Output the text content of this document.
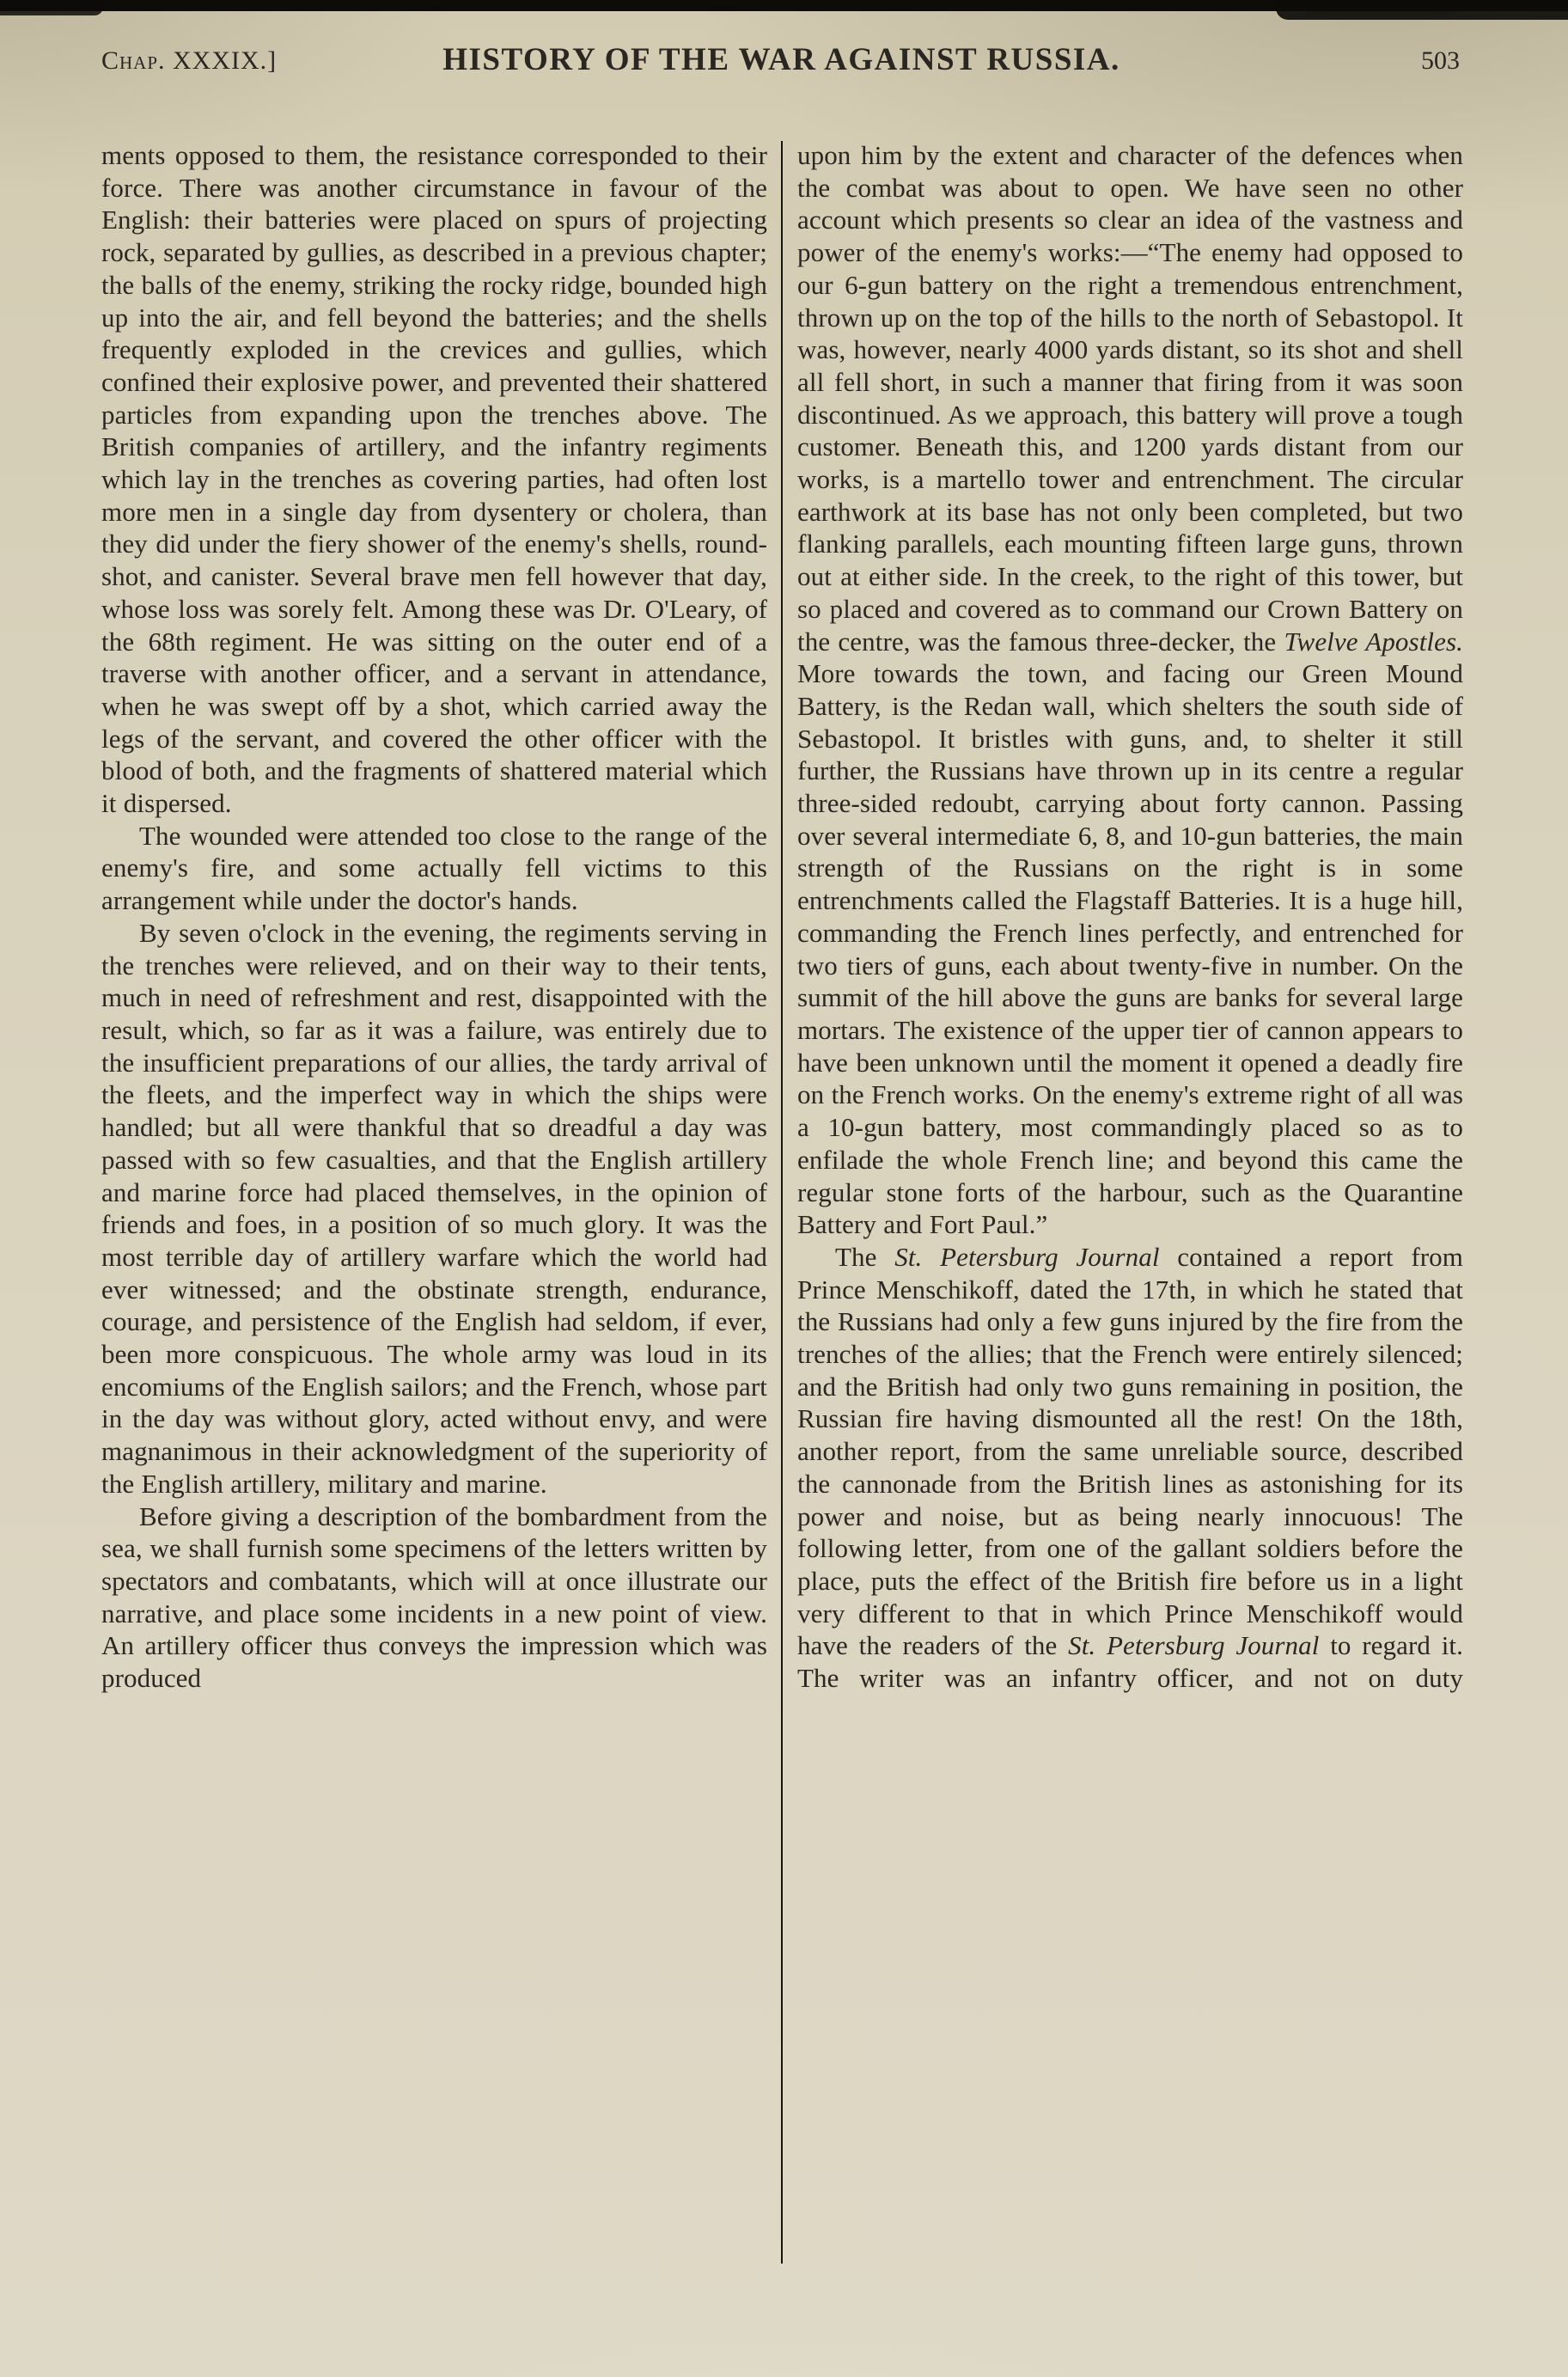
Chap. XXXIX.]	HISTORY OF THE WAR AGAINST RUSSIA.	503

ments opposed to them, the resistance corresponded to their force. There was another circumstance in favour of the English: their batteries were placed on spurs of projecting rock, separated by gullies, as described in a previous chapter; the balls of the enemy, striking the rocky ridge, bounded high up into the air, and fell beyond the batteries; and the shells frequently exploded in the crevices and gullies, which confined their explosive power, and prevented their shattered particles from expanding upon the trenches above. The British companies of artillery, and the infantry regiments which lay in the trenches as covering parties, had often lost more men in a single day from dysentery or cholera, than they did under the fiery shower of the enemy's shells, round-shot, and canister. Several brave men fell however that day, whose loss was sorely felt. Among these was Dr. O'Leary, of the 68th regiment. He was sitting on the outer end of a traverse with another officer, and a servant in attendance, when he was swept off by a shot, which carried away the legs of the servant, and covered the other officer with the blood of both, and the fragments of shattered material which it dispersed.

The wounded were attended too close to the range of the enemy's fire, and some actually fell victims to this arrangement while under the doctor's hands.

By seven o'clock in the evening, the regiments serving in the trenches were relieved, and on their way to their tents, much in need of refreshment and rest, disappointed with the result, which, so far as it was a failure, was entirely due to the insufficient preparations of our allies, the tardy arrival of the fleets, and the imperfect way in which the ships were handled; but all were thankful that so dreadful a day was passed with so few casualties, and that the English artillery and marine force had placed themselves, in the opinion of friends and foes, in a position of so much glory. It was the most terrible day of artillery warfare which the world had ever witnessed; and the obstinate strength, endurance, courage, and persistence of the English had seldom, if ever, been more conspicuous. The whole army was loud in its encomiums of the English sailors; and the French, whose part in the day was without glory, acted without envy, and were magnanimous in their acknowledgment of the superiority of the English artillery, military and marine.

Before giving a description of the bombardment from the sea, we shall furnish some specimens of the letters written by spectators and combatants, which will at once illustrate our narrative, and place some incidents in a new point of view. An artillery officer thus conveys the impression which was produced

upon him by the extent and character of the defences when the combat was about to open. We have seen no other account which presents so clear an idea of the vastness and power of the enemy's works:—“The enemy had opposed to our 6-gun battery on the right a tremendous entrenchment, thrown up on the top of the hills to the north of Sebastopol. It was, however, nearly 4000 yards distant, so its shot and shell all fell short, in such a manner that firing from it was soon discontinued. As we approach, this battery will prove a tough customer. Beneath this, and 1200 yards distant from our works, is a martello tower and entrenchment. The circular earthwork at its base has not only been completed, but two flanking parallels, each mounting fifteen large guns, thrown out at either side. In the creek, to the right of this tower, but so placed and covered as to command our Crown Battery on the centre, was the famous three-decker, the Twelve Apostles. More towards the town, and facing our Green Mound Battery, is the Redan wall, which shelters the south side of Sebastopol. It bristles with guns, and, to shelter it still further, the Russians have thrown up in its centre a regular three-sided redoubt, carrying about forty cannon. Passing over several intermediate 6, 8, and 10-gun batteries, the main strength of the Russians on the right is in some entrenchments called the Flagstaff Batteries. It is a huge hill, commanding the French lines perfectly, and entrenched for two tiers of guns, each about twenty-five in number. On the summit of the hill above the guns are banks for several large mortars. The existence of the upper tier of cannon appears to have been unknown until the moment it opened a deadly fire on the French works. On the enemy's extreme right of all was a 10-gun battery, most commandingly placed so as to enfilade the whole French line; and beyond this came the regular stone forts of the harbour, such as the Quarantine Battery and Fort Paul.”

The St. Petersburg Journal contained a report from Prince Menschikoff, dated the 17th, in which he stated that the Russians had only a few guns injured by the fire from the trenches of the allies; that the French were entirely silenced; and the British had only two guns remaining in position, the Russian fire having dismounted all the rest! On the 18th, another report, from the same unreliable source, described the cannonade from the British lines as astonishing for its power and noise, but as being nearly innocuous! The following letter, from one of the gallant soldiers before the place, puts the effect of the British fire before us in a light very different to that in which Prince Menschikoff would have the readers of the St. Petersburg Journal to regard it. The writer was an infantry officer, and not on duty
